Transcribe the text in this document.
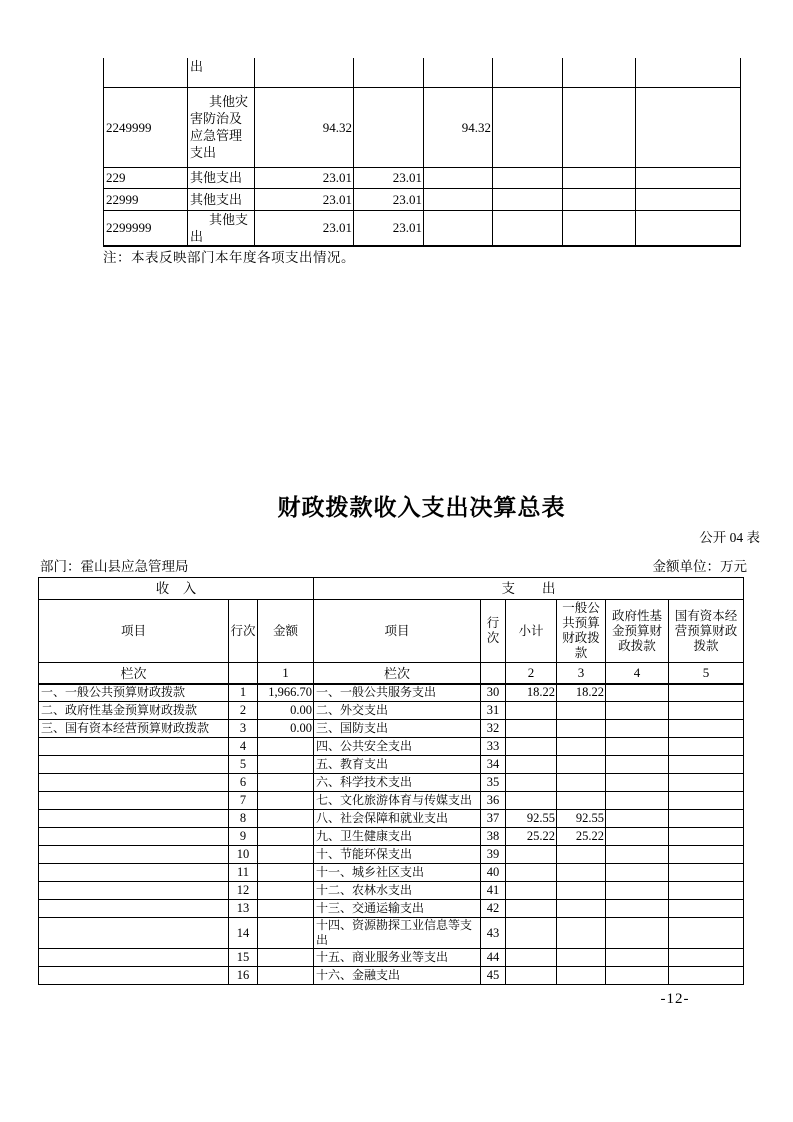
	出						
2249999	其他灾害防治及应急管理支出	94.32		94.32			
229	其他支出	23.01	23.01				
22999	其他支出	23.01	23.01				
2299999	其他支出	23.01	23.01				
注：本表反映部门本年度各项支出情况。
财政拨款收入支出决算总表
公开 04 表
部门：霍山县应急管理局	金额单位：万元
收　入			支　　出					
项目	行次	金额	项目	行次	小计	一般公共预算财政拨款	政府性基金预算财政拨款	国有资本经营预算财政拨款
栏次		1	栏次		2	3	4	5
一、一般公共预算财政拨款	1	1,966.70	一、一般公共服务支出	30	18.22	18.22		
二、政府性基金预算财政拨款	2	0.00	二、外交支出	31				
三、国有资本经营预算财政拨款	3	0.00	三、国防支出	32				
	4		四、公共安全支出	33				
	5		五、教育支出	34				
	6		六、科学技术支出	35				
	7		七、文化旅游体育与传媒支出	36				
	8		八、社会保障和就业支出	37	92.55	92.55		
	9		九、卫生健康支出	38	25.22	25.22		
	10		十、节能环保支出	39				
	11		十一、城乡社区支出	40				
	12		十二、农林水支出	41				
	13		十三、交通运输支出	42				
	14		十四、资源勘探工业信息等支出	43				
	15		十五、商业服务业等支出	44				
	16		十六、金融支出	45				
-12-
